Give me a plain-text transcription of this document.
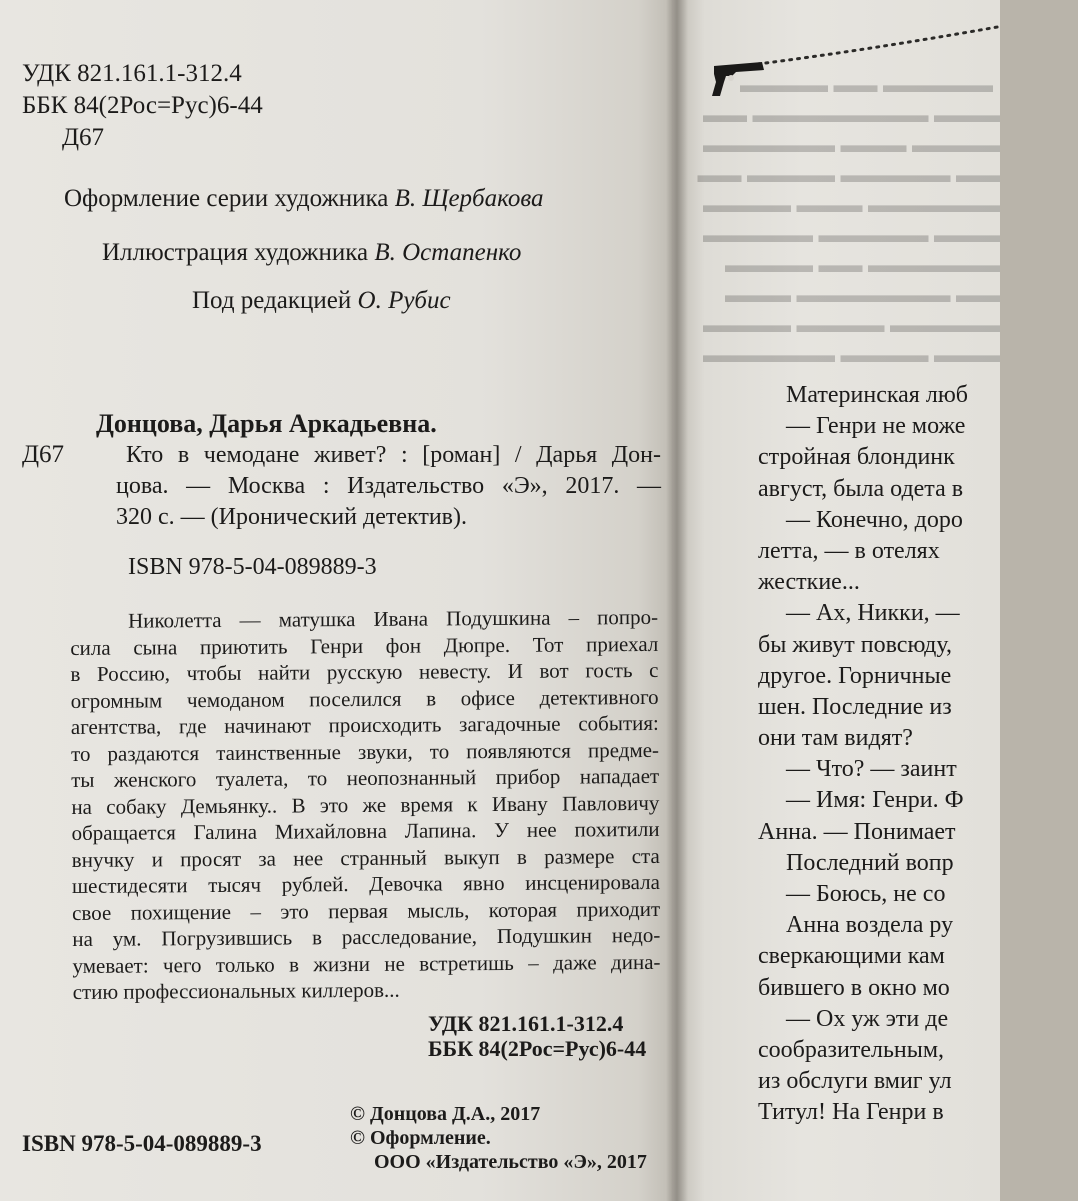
УДК 821.161.1-312.4
ББК 84(2Рос=Рус)6-44
Д67
Оформление серии художника В. Щербакова
Иллюстрация художника В. Остапенко
Под редакцией О. Рубис
Донцова, Дарья Аркадьевна.
Д67	Кто в чемодане живет? : [роман] / Дарья Дон-
цова. — Москва : Издательство «Э», 2017. —
320 с. — (Иронический детектив).
ISBN 978-5-04-089889-3
Николетта — матушка Ивана Подушкина – попро-
сила сына приютить Генри фон Дюпре. Тот приехал
в Россию, чтобы найти русскую невесту. И вот гость с
огромным чемоданом поселился в офисе детективного
агентства, где начинают происходить загадочные события:
то раздаются таинственные звуки, то появляются предме-
ты женского туалета, то неопознанный прибор нападает
на собаку Демьянку.. В это же время к Ивану Павловичу
обращается Галина Михайловна Лапина. У нее похитили
внучку и просят за нее странный выкуп в размере ста
шестидесяти тысяч рублей. Девочка явно инсценировала
свое похищение – это первая мысль, которая приходит
на ум. Погрузившись в расследование, Подушкин недо-
умевает: чего только в жизни не встретишь – даже дина-
стию профессиональных киллеров...
УДК 821.161.1-312.4
ББК 84(2Рос=Рус)6-44
ISBN 978-5-04-089889-3
© Донцова Д.А., 2017
© Оформление.
ООО «Издательство «Э», 2017
▬▬▬▬▬ ▬▬ ▬▬▬▬
▬▬▬ ▬▬▬▬▬▬▬▬ ▬▬
▬▬▬▬ ▬▬▬ ▬▬▬▬▬▬
▬▬ ▬▬▬▬▬ ▬▬▬▬ ▬▬
▬▬▬▬▬▬ ▬▬▬ ▬▬▬▬
▬▬▬ ▬▬▬▬▬ ▬▬▬▬▬
▬▬▬▬▬▬ ▬▬ ▬▬▬▬
▬▬ ▬▬▬▬▬▬▬ ▬▬▬
▬▬▬▬▬ ▬▬▬▬ ▬▬▬▬
▬▬▬ ▬▬▬▬ ▬▬▬▬▬▬
Материнская люб
— Генри не може
стройная блондинк
август, была одета в
— Конечно, доро
летта, — в отелях
жесткие...
— Ах, Никки, —
бы живут повсюду,
другое. Горничные
шен. Последние из
они там видят?
— Что? — заинт
— Имя: Генри. Ф
Анна. — Понимает
Последний вопр
— Боюсь, не со
Анна воздела ру
сверкающими кам
бившего в окно мо
— Ох уж эти де
сообразительным,
из обслуги вмиг ул
Титул! На Генри в
